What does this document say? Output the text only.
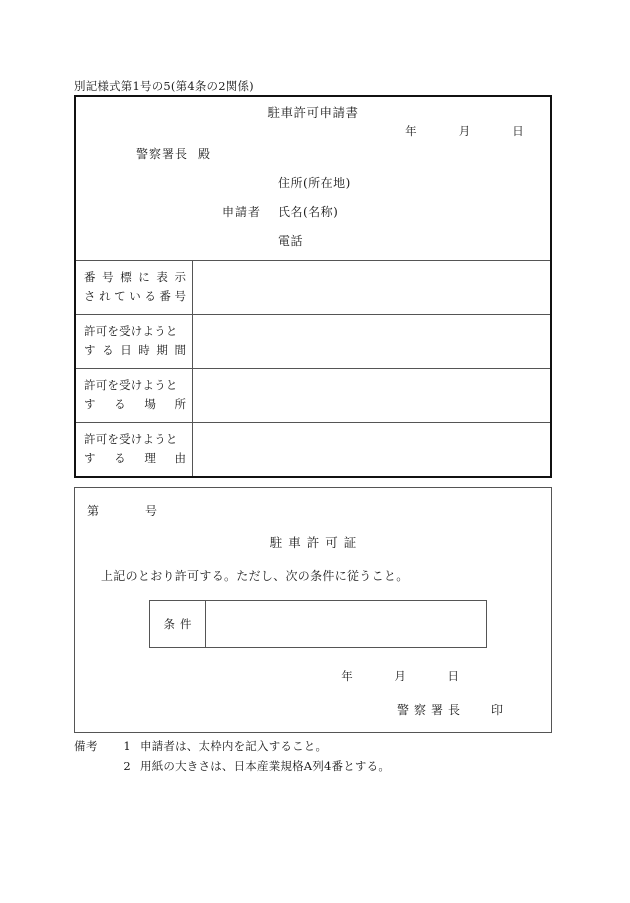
別記様式第1号の5(第4条の2関係)
駐車許可申請書
年	月	日
警察署長 殿
住所(所在地)
申請者 氏名(名称)
電話
番 号 標 に 表 示
さ れ て い る 番 号
許可を受けようと
す る 日 時 期 間
許可を受けようと
す る 場 所
許可を受けようと
す る 理 由
第	号
駐車許可証
上記のとおり許可する。ただし、次の条件に従うこと。
条件
年	月	日
警察署長 印
備考	1 申請者は、太枠内を記入すること。
2 用紙の大きさは、日本産業規格A列4番とする。
